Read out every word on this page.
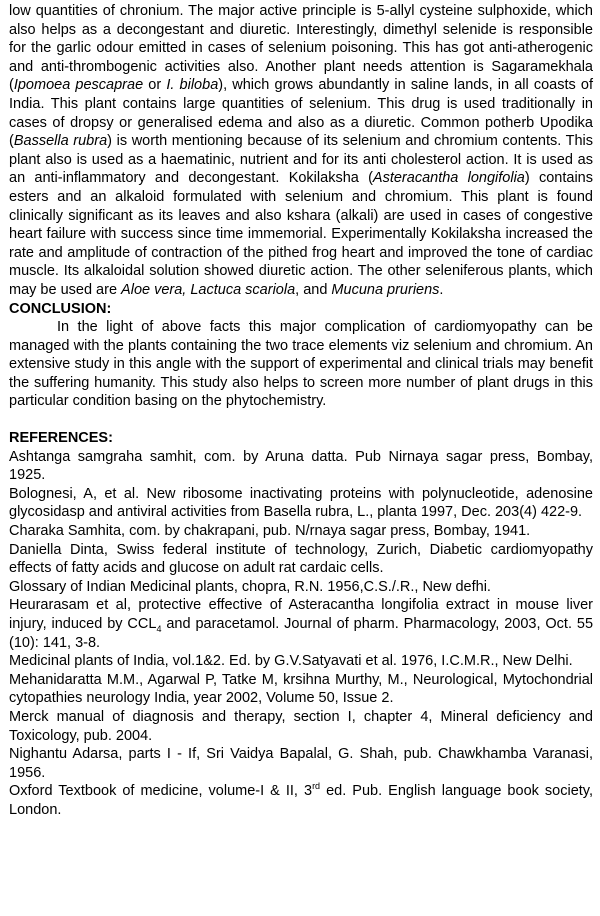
low quantities of chronium. The major active principle is 5-allyl cysteine sulphoxide, which also helps as a decongestant and diuretic. Interestingly, dimethyl selenide is responsible for the garlic odour emitted in cases of selenium poisoning. This has got anti-atherogenic and anti-thrombogenic activities also. Another plant needs attention is Sagaramekhala (Ipomoea pescaprae or I. biloba), which grows abundantly in saline lands, in all coasts of India. This plant contains large quantities of selenium. This drug is used traditionally in cases of dropsy or generalised edema and also as a diuretic. Common potherb Upodika (Bassella rubra) is worth mentioning because of its selenium and chromium contents. This plant also is used as a haematinic, nutrient and for its anti cholesterol action. It is used as an anti-inflammatory and decongestant. Kokilaksha (Asteracantha longifolia) contains esters and an alkaloid formulated with selenium and chromium. This plant is found clinically significant as its leaves and also kshara (alkali) are used in cases of congestive heart failure with success since time immemorial. Experimentally Kokilaksha increased the rate and amplitude of contraction of the pithed frog heart and improved the tone of cardiac muscle. Its alkaloidal solution showed diuretic action. The other seleniferous plants, which may be used are Aloe vera, Lactuca scariola, and Mucuna pruriens.

CONCLUSION:

In the light of above facts this major complication of cardiomyopathy can be managed with the plants containing the two trace elements viz selenium and chromium. An extensive study in this angle with the support of experimental and clinical trials may benefit the suffering humanity. This study also helps to screen more number of plant drugs in this particular condition basing on the phytochemistry.

REFERENCES:

Ashtanga samgraha samhit, com. by Aruna datta. Pub Nirnaya sagar press, Bombay, 1925.

Bolognesi, A, et al. New ribosome inactivating proteins with polynucleotide, adenosine glycosidasp and antiviral activities from Basella rubra, L., planta 1997, Dec. 203(4) 422-9.

Charaka Samhita, com. by chakrapani, pub. N/rnaya sagar press, Bombay, 1941.

Daniella Dinta, Swiss federal institute of technology, Zurich, Diabetic cardiomyopathy effects of fatty acids and glucose on adult rat cardaic cells.

Glossary of Indian Medicinal plants, chopra, R.N. 1956,C.S./.R., New defhi.

Heurarasam et al, protective effective of Asteracantha longifolia extract in mouse liver injury, induced by $CCL_4$ and paracetamol. Journal of pharm. Pharmacology, 2003, Oct. 55 (10): 141, 3-8.

Medicinal plants of India, vol.1&2. Ed. by G.V.Satyavati et al. 1976, I.C.M.R., New Delhi.

Mehanidaratta M.M., Agarwal P, Tatke M, krsihna Murthy, M., Neurological, Mytochondrial cytopathies neurology India, year 2002, Volume 50, Issue 2.

Merck manual of diagnosis and therapy, section I, chapter 4, Mineral deficiency and Toxicology, pub. 2004.

Nighantu Adarsa, parts I - If, Sri Vaidya Bapalal, G. Shah, pub. Chawkhamba Varanasi, 1956.

Oxford Textbook of medicine, volume-I & II, 3rd ed. Pub. English language book society, London.
